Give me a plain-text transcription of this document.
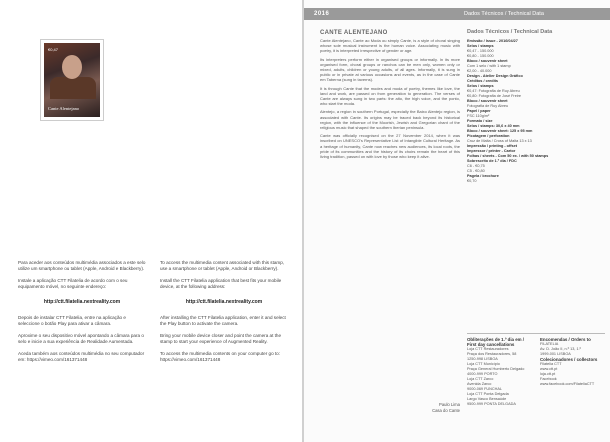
€0,47
Cante Alentejano

Para aceder aos conteúdos multimédia associados a este selo utilize um smartphone ou tablet (Apple, Android e Blackberry).

Instale a aplicação CTT Filatelia de acordo com o seu equipamento móvel, no seguinte endereço:

http://ctt.filatelia.nextreality.com

Depois de instalar CTT Filatelia, entre na aplicação e seleccione o botão Play para ativar a câmara.

Aproxime o seu dispositivo móvel apontando a câmara para o selo e inicie a sua experiência de Realidade Aumentada.

Aceda também aos conteúdos multimédia no seu computador em: https://vimeo.com/161371448

To access the multimedia content associated with this stamp, use a smartphone or tablet (Apple, Android or Blackberry).

Install the CTT Filatelia application that best fits your mobile device, at the following address:

http://ctt.filatelia.nextreality.com

After installing the CTT Filatelia application, enter it and select the Play button to activate the camera.

Bring your mobile device closer and point the camera at the stamp to start your experience of Augmented Reality.

To access the multimedia contents on your computer go to: https://vimeo.com/161371448

2016	Dados Técnicos / Technical Data
CANTE ALENTEJANO

Cante Alentejano, Cante ao Moda ou simply Cante, is a style of choral singing whose sole musical instrument is the human voice. Associating music with poetry, it is interpreted irrespective of gender or age.

Its interpreters perform either in organised groups or informally. In its more organised form, choral groups or ranchos can be men only, women only or mixed, adults, children or young adults, of all ages. Informally, it is sung in public or in private at various occasions and events, as in the case of Cante em Taberna (sung in taverns).

It is through Cante that the modes and moda of poetry, themes like love, the land and work, are passed on from generation to generation. The verses of Cante are always sung in two parts: the alto, the high voice, and the ponto, who start the moda.

Alentejo, a region in southern Portugal, especially the Baixo Alentejo region, is associated with Cante. Its origins may be traced back beyond its historical region, with the influence of the Moorish, Jewish and Gregorian chant of the religious music that shaped the southern Iberian peninsula.

Cante was officially recognised on the 27 November 2014, when it was inscribed on UNESCO's Representative List of Intangible Cultural Heritage. As a heritage of humanity, Cante now reaches new audiences, its local roots, the pride of its communities and the history of its choirs remain the heart of this living tradition, passed on with love by those who keep it alive.

Paulo Lima
Casa do Cante
Dados Técnicos / Technical Data
Emissão / Issue - 2016/04/27
Selos / stamps
€0,47 - 150.000
€0,80 - 150.000
Bloco / souvenir sheet
Com 1 selo / with 1 stamp
€2,00 - 40.000
Design - Atelier Design Gráfico
Créditos / credits
Selos / stamps
€0,47: Fotografia de Ruy Abreu
€0,80: Fotografia de José Freire
Bloco / souvenir sheet
Fotografia de Ruy Abreu
Papel / paper
FSC 110g/m²
Formato / size
Selos / stamps: 30,6 x 40 mm
Bloco / souvenir sheet: 125 x 95 mm
Picotagem / perforation
Cruz de Malta / Cross of Malta 13 x 13
Impressão / printing - offset
Impressor / printer - Cartor
Folhas / sheets - Com 50 ex. / with 50 stamps
Sobrescrito de 1.º dia / FDC
C6 - €0,75
C5 - €0,80
Pagela / brochure
€0,70
Obliterações de 1.º dia em / First day cancellations
Loja CTT Restauradores
Praça dos Restauradores, 58
1250-998 LISBOA
Loja CTT Município
Praça General Humberto Delgado
4000-999 PORTO
Loja CTT Zarco
Avenida Zarco
9000-069 FUNCHAL
Loja CTT Ponta Delgada
Largo Vasco Bensaúde
9500-999 PONTA DELGADA
Encomendas / Orders to
FILATELIA
Av. D. João II, n.º 13, 1.º
1999-001 LISBOA
Colecionadores / collectors
Filatelia CTT
www.ctt.pt
loja.ctt.pt
Facebook
www.facebook.com/FilateliaCTT
